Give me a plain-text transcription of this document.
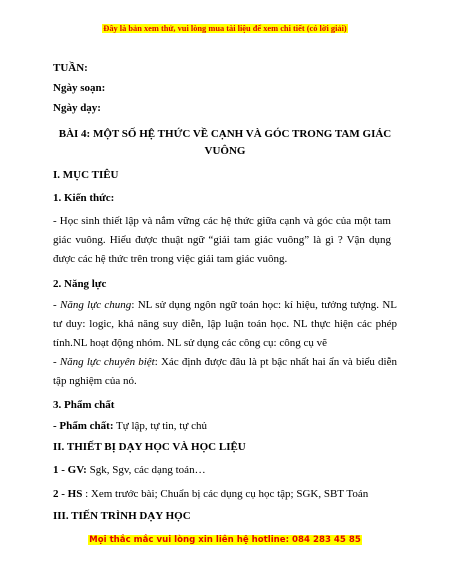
Đây là bản xem thử, vui lòng mua tài liệu để xem chi tiết (có lời giải)
TUẦN:
Ngày soạn:
Ngày dạy:
BÀI 4: MỘT SỐ HỆ THỨC VỀ CẠNH VÀ GÓC TRONG TAM GIÁC
VUÔNG
I. MỤC TIÊU
1. Kiến thức:
- Học sinh thiết lập và nắm vững các hệ thức giữa cạnh và góc của một tam giác vuông. Hiểu được thuật ngữ “giải tam giác vuông” là gì ? Vận dụng được các hệ thức trên trong việc giải tam giác vuông.
2. Năng lực
- Năng lực chung: NL sử dụng ngôn ngữ toán học: kí hiệu, tưởng tượng. NL tư duy: logic, khả năng suy diễn, lập luận toán học. NL thực hiện các phép tính.NL hoạt động nhóm. NL sử dụng các công cụ: công cụ vẽ
- Năng lực chuyên biệt: Xác định được đâu là pt bậc nhất hai ẩn và biểu diễn tập nghiệm của nó.
3. Phẩm chất
- Phẩm chất: Tự lập, tự tin, tự chủ
II. THIẾT BỊ DẠY HỌC VÀ HỌC LIỆU
1 - GV: Sgk, Sgv, các dạng toán…
2 - HS : Xem trước bài; Chuẩn bị các dụng cụ học tập; SGK, SBT Toán
III. TIẾN TRÌNH DẠY HỌC
Mọi thắc mắc vui lòng xin liên hệ hotline: 084 283 45 85
